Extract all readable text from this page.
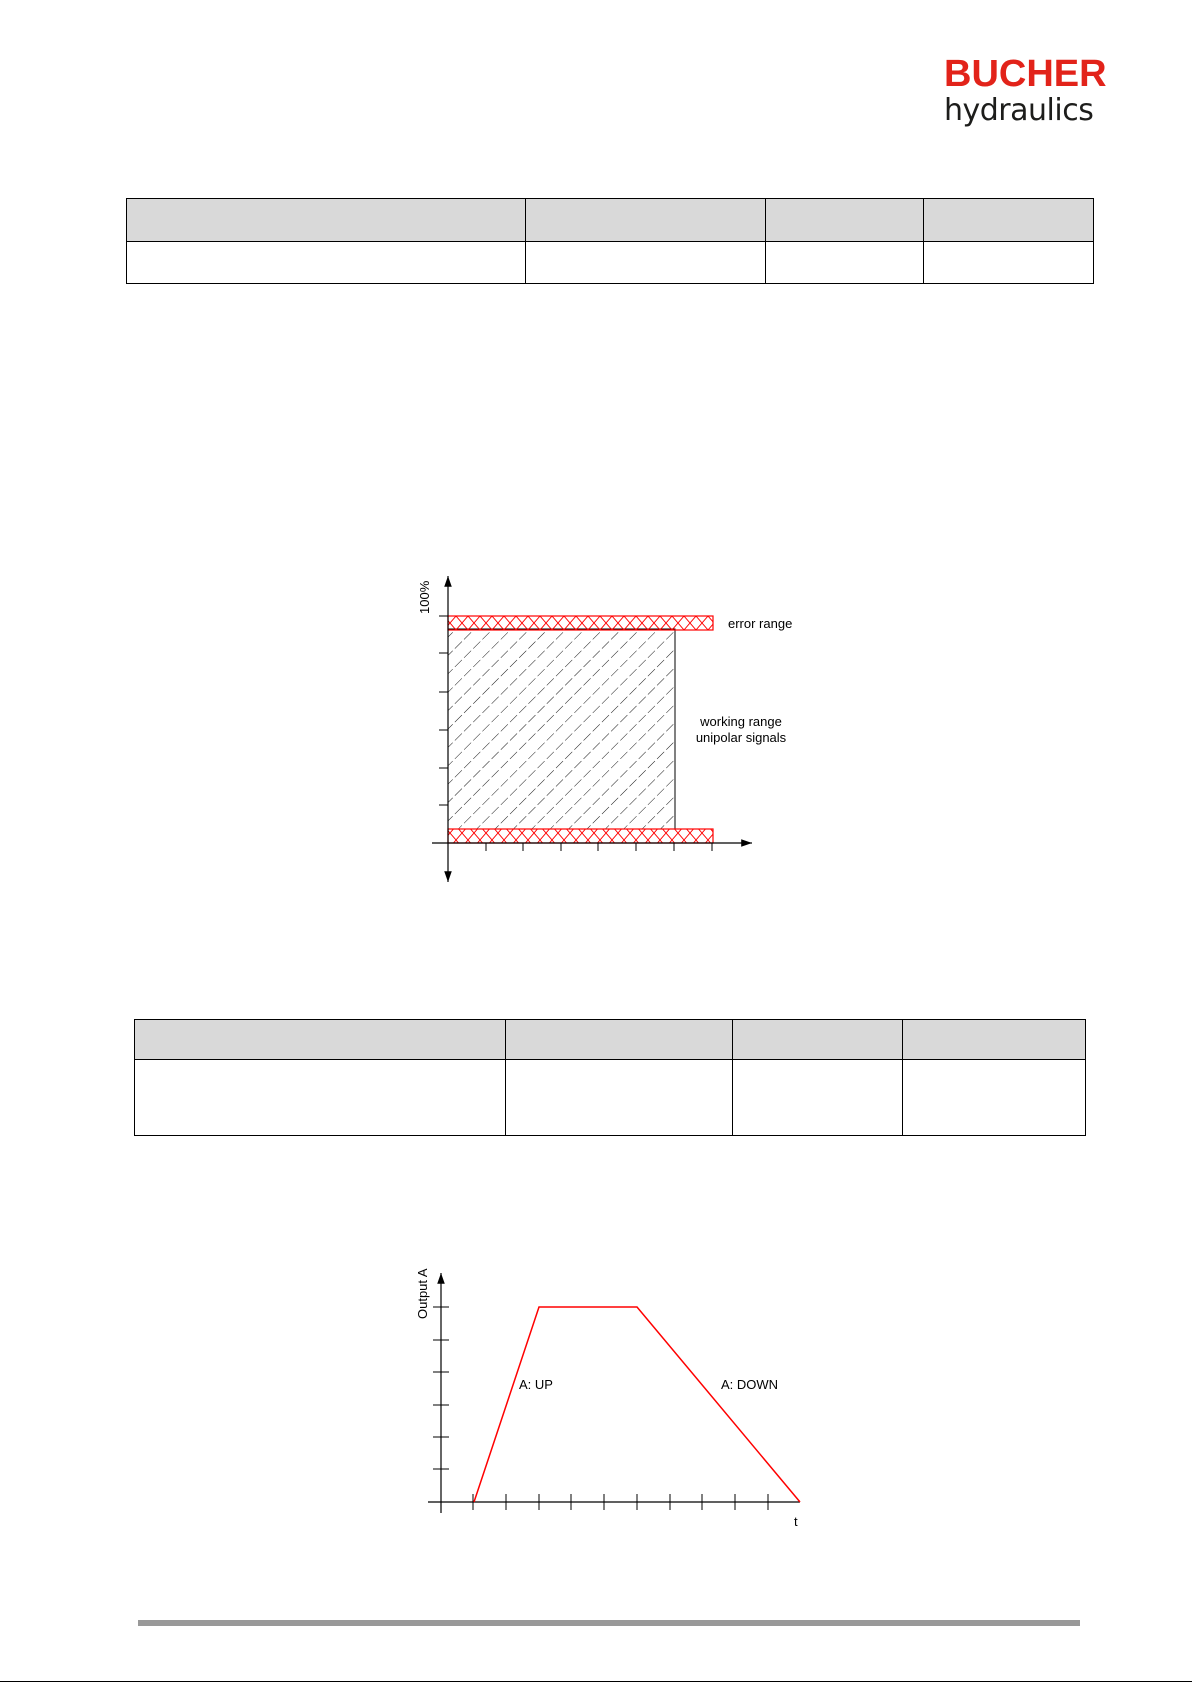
BUCHER
hydraulics

100%
error range
working range
unipolar signals

Output A
t
A: UP	A: DOWN
